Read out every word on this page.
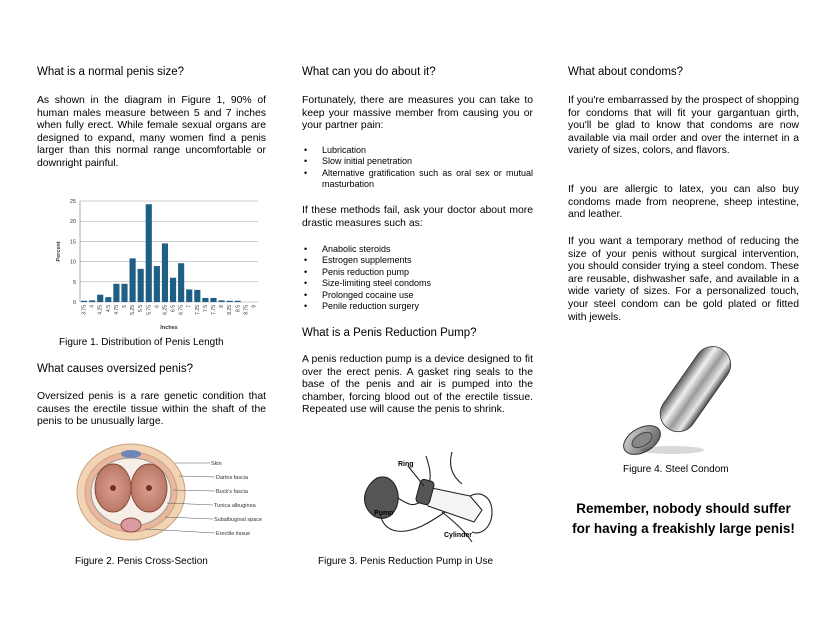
What is a normal penis size?

As shown in the diagram in Figure 1, 90% of human males measure between 5 and 7 inches when fully erect. While female sexual organs are designed to expand, many women find a penis larger than this normal range uncomfortable or downright painful.

0
5
10
15
20
25
3.75 4 4.25 4.5 4.75 5 5.25 5.5 5.75 6 6.25 6.5 6.75 7 7.25 7.5 7.75 8 8.25 8.5 8.75 9
Inches
Percent
Figure 1. Distribution of Penis Length
What causes oversized penis?

Oversized penis is a rare genetic condition that causes the erectile tissue within the shaft of the penis to be unusually large.

Skin
Dartos fascia
Buck's fascia
Tunica albuginea
Subalbuginal space
Erectile tissue
Figure 2. Penis Cross-Section
What can you do about it?

Fortunately, there are measures you can take to keep your massive member from causing you or your partner pain:

• Lubrication
• Slow initial penetration
• Alternative gratification such as oral sex or mutual masturbation

If these methods fail, ask your doctor about more drastic measures such as:

• Anabolic steroids
• Estrogen supplements
• Penis reduction pump
• Size-limiting steel condoms
• Prolonged cocaine use
• Penile reduction surgery
What is a Penis Reduction Pump?

A penis reduction pump is a device designed to fit over the erect penis. A gasket ring seals to the base of the penis and air is pumped into the chamber, forcing blood out of the erectile tissue. Repeated use will cause the penis to shrink.

Ring
Pump
Cylinder
Figure 3. Penis Reduction Pump in Use
What about condoms?

If you're embarrassed by the prospect of shopping for condoms that will fit your gargantuan girth, you'll be glad to know that condoms are now available via mail order and over the internet in a variety of sizes, colors, and flavors.

If you are allergic to latex, you can also buy condoms made from neoprene, sheep intestine, and leather.

If you want a temporary method of reducing the size of your penis without surgical intervention, you should consider trying a steel condom. These are reusable, dishwasher safe, and available in a wide variety of sizes. For a personalized touch, your steel condom can be gold plated or fitted with jewels.

Figure 4. Steel Condom
Remember, nobody should suffer for having a freakishly large penis!
